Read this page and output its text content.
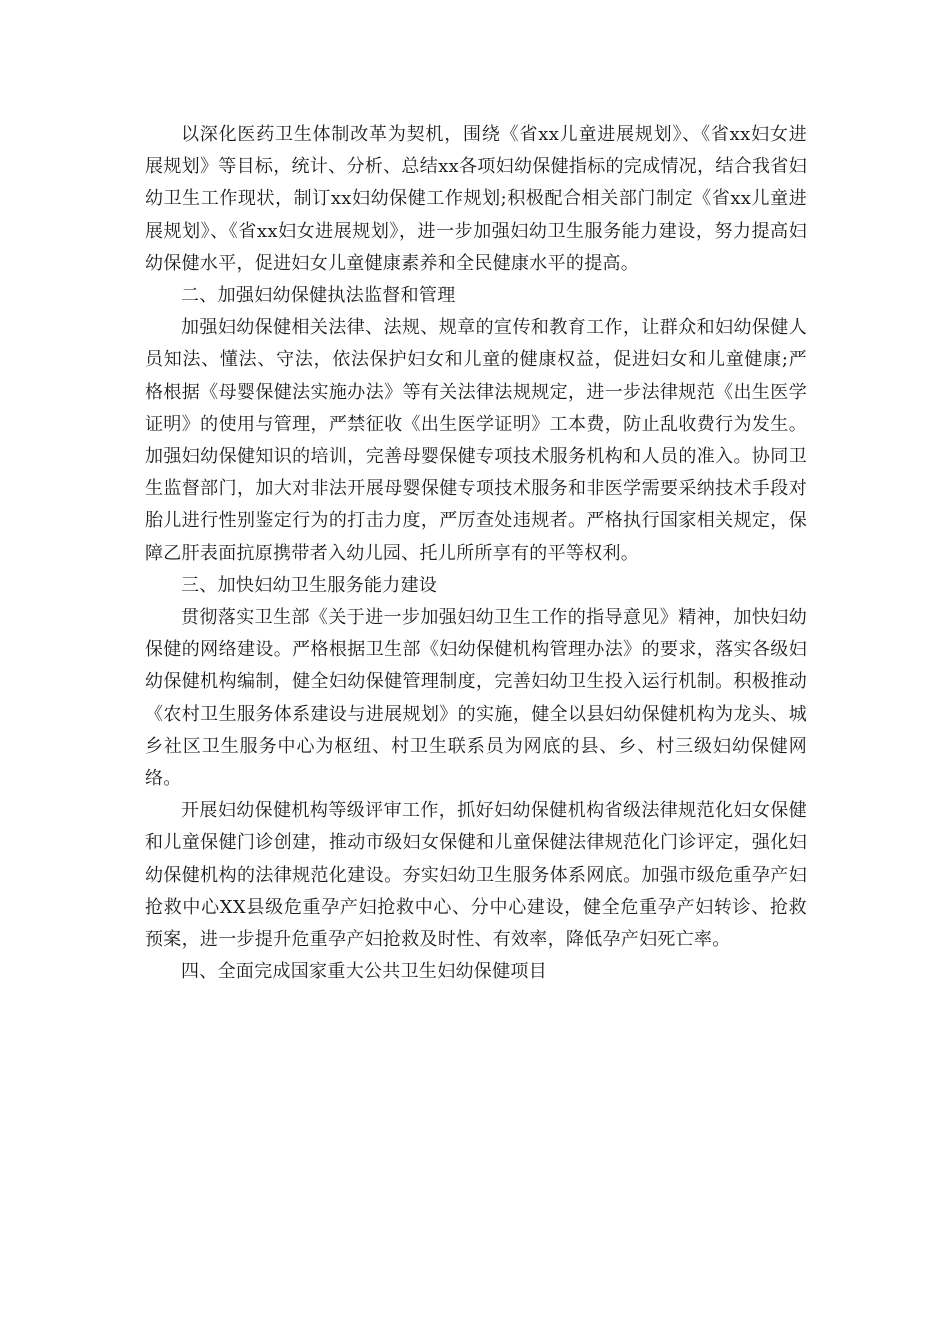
以深化医药卫生体制改革为契机，围绕《省xx儿童进展规划》、《省xx妇女进展规划》等目标，统计、分析、总结xx各项妇幼保健指标的完成情况，结合我省妇幼卫生工作现状，制订xx妇幼保健工作规划;积极配合相关部门制定《省xx儿童进展规划》、《省xx妇女进展规划》，进一步加强妇幼卫生服务能力建设，努力提高妇幼保健水平，促进妇女儿童健康素养和全民健康水平的提高。

二、加强妇幼保健执法监督和管理

加强妇幼保健相关法律、法规、规章的宣传和教育工作，让群众和妇幼保健人员知法、懂法、守法，依法保护妇女和儿童的健康权益，促进妇女和儿童健康;严格根据《母婴保健法实施办法》等有关法律法规规定，进一步法律规范《出生医学证明》的使用与管理，严禁征收《出生医学证明》工本费，防止乱收费行为发生。加强妇幼保健知识的培训，完善母婴保健专项技术服务机构和人员的准入。协同卫生监督部门，加大对非法开展母婴保健专项技术服务和非医学需要采纳技术手段对胎儿进行性别鉴定行为的打击力度，严厉查处违规者。严格执行国家相关规定，保障乙肝表面抗原携带者入幼儿园、托儿所所享有的平等权利。

三、加快妇幼卫生服务能力建设

贯彻落实卫生部《关于进一步加强妇幼卫生工作的指导意见》精神，加快妇幼保健的网络建设。严格根据卫生部《妇幼保健机构管理办法》的要求，落实各级妇幼保健机构编制，健全妇幼保健管理制度，完善妇幼卫生投入运行机制。积极推动《农村卫生服务体系建设与进展规划》的实施，健全以县妇幼保健机构为龙头、城乡社区卫生服务中心为枢纽、村卫生联系员为网底的县、乡、村三级妇幼保健网络。

开展妇幼保健机构等级评审工作，抓好妇幼保健机构省级法律规范化妇女保健和儿童保健门诊创建，推动市级妇女保健和儿童保健法律规范化门诊评定，强化妇幼保健机构的法律规范化建设。夯实妇幼卫生服务体系网底。加强市级危重孕产妇抢救中心XX县级危重孕产妇抢救中心、分中心建设，健全危重孕产妇转诊、抢救预案，进一步提升危重孕产妇抢救及时性、有效率，降低孕产妇死亡率。

四、全面完成国家重大公共卫生妇幼保健项目
